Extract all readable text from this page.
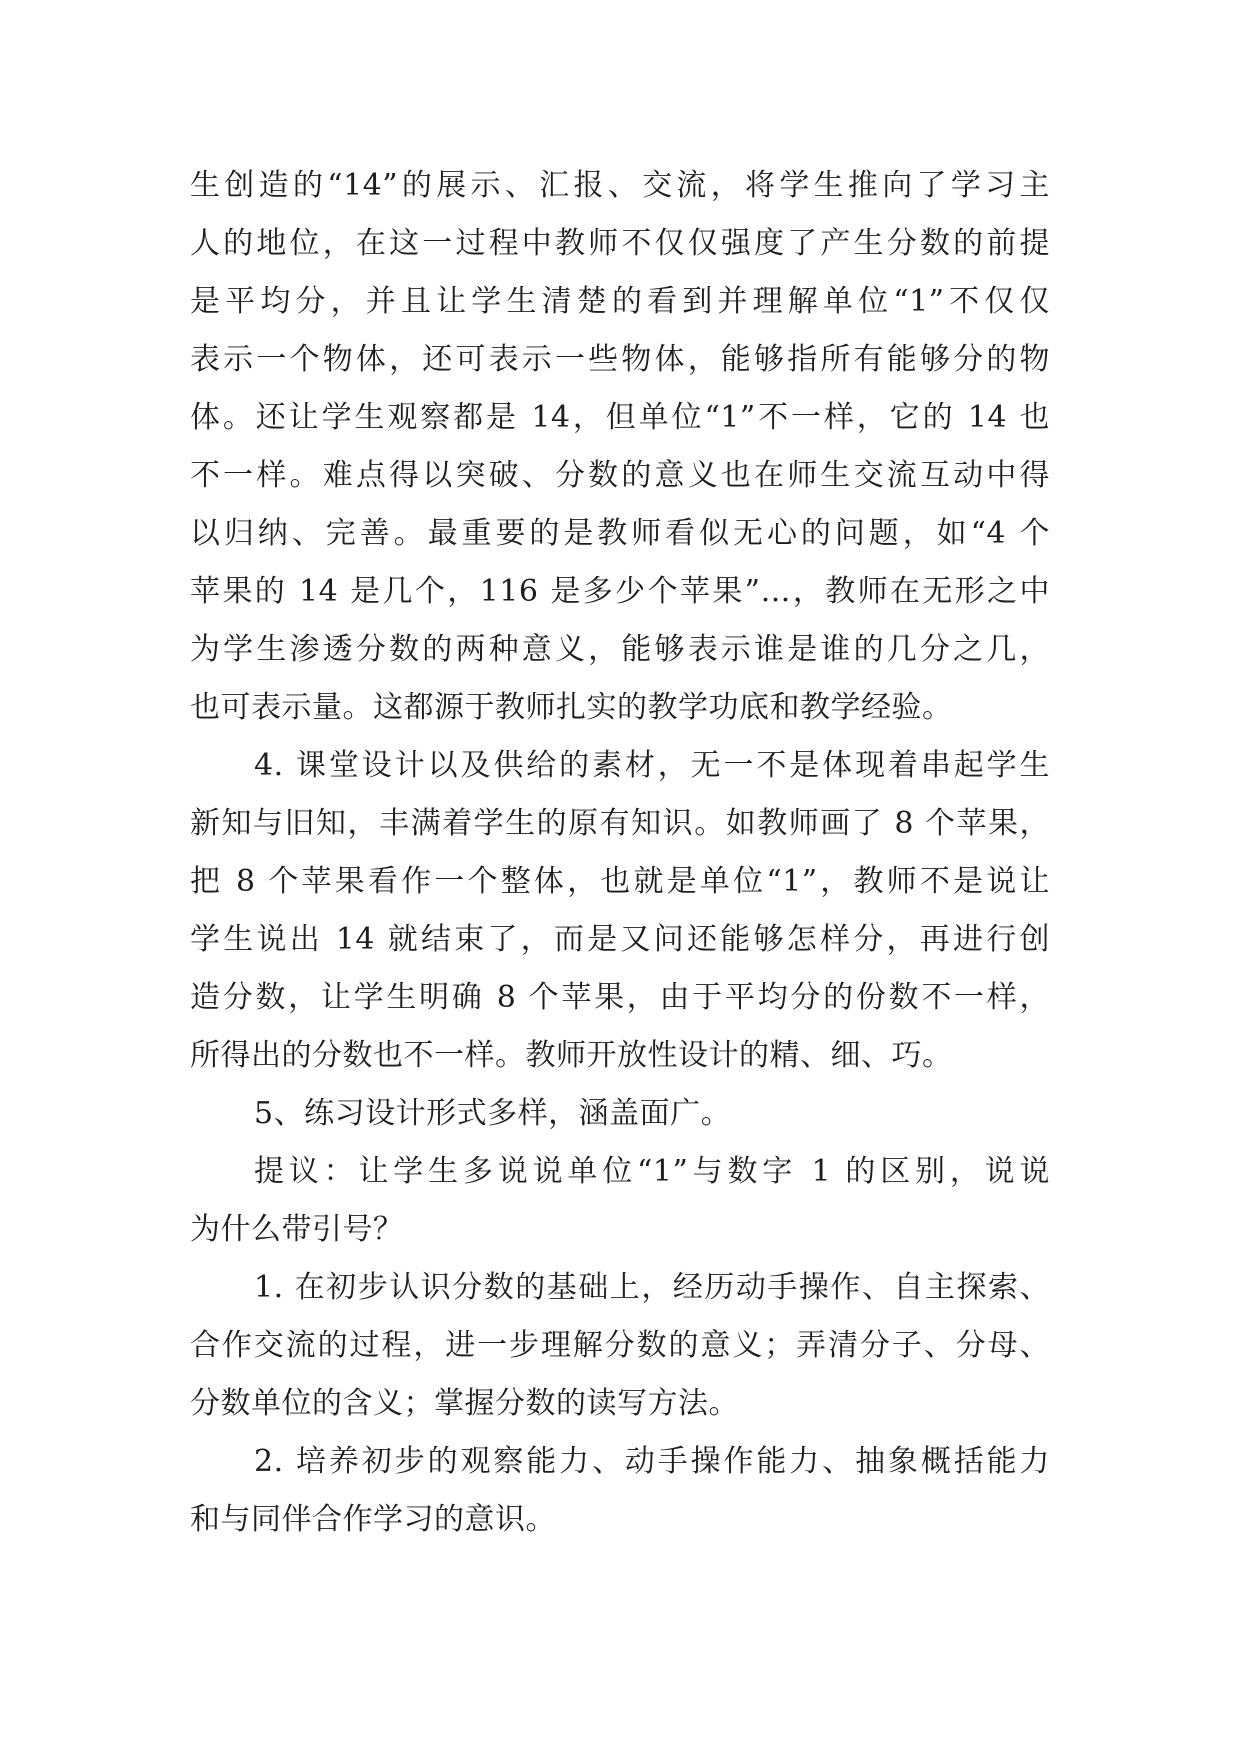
生创造的“14”的展示、汇报、交流，将学生推向了学习主
人的地位，在这一过程中教师不仅仅强度了产生分数的前提
是平均分，并且让学生清楚的看到并理解单位“1”不仅仅
表示一个物体，还可表示一些物体，能够指所有能够分的物
体。还让学生观察都是 14，但单位“1”不一样，它的 14 也
不一样。难点得以突破、分数的意义也在师生交流互动中得
以归纳、完善。最重要的是教师看似无心的问题，如“4 个
苹果的 14 是几个，116 是多少个苹果”…，教师在无形之中
为学生渗透分数的两种意义，能够表示谁是谁的几分之几，
也可表示量。这都源于教师扎实的教学功底和教学经验。
4. 课堂设计以及供给的素材，无一不是体现着串起学生
新知与旧知，丰满着学生的原有知识。如教师画了 8 个苹果，
把 8 个苹果看作一个整体，也就是单位“1”，教师不是说让
学生说出 14 就结束了，而是又问还能够怎样分，再进行创
造分数，让学生明确 8 个苹果，由于平均分的份数不一样，
所得出的分数也不一样。教师开放性设计的精、细、巧。
5、练习设计形式多样，涵盖面广。
提议：让学生多说说单位“1”与数字 1 的区别，说说
为什么带引号？
1. 在初步认识分数的基础上，经历动手操作、自主探索、
合作交流的过程，进一步理解分数的意义；弄清分子、分母、
分数单位的含义；掌握分数的读写方法。
2. 培养初步的观察能力、动手操作能力、抽象概括能力
和与同伴合作学习的意识。
